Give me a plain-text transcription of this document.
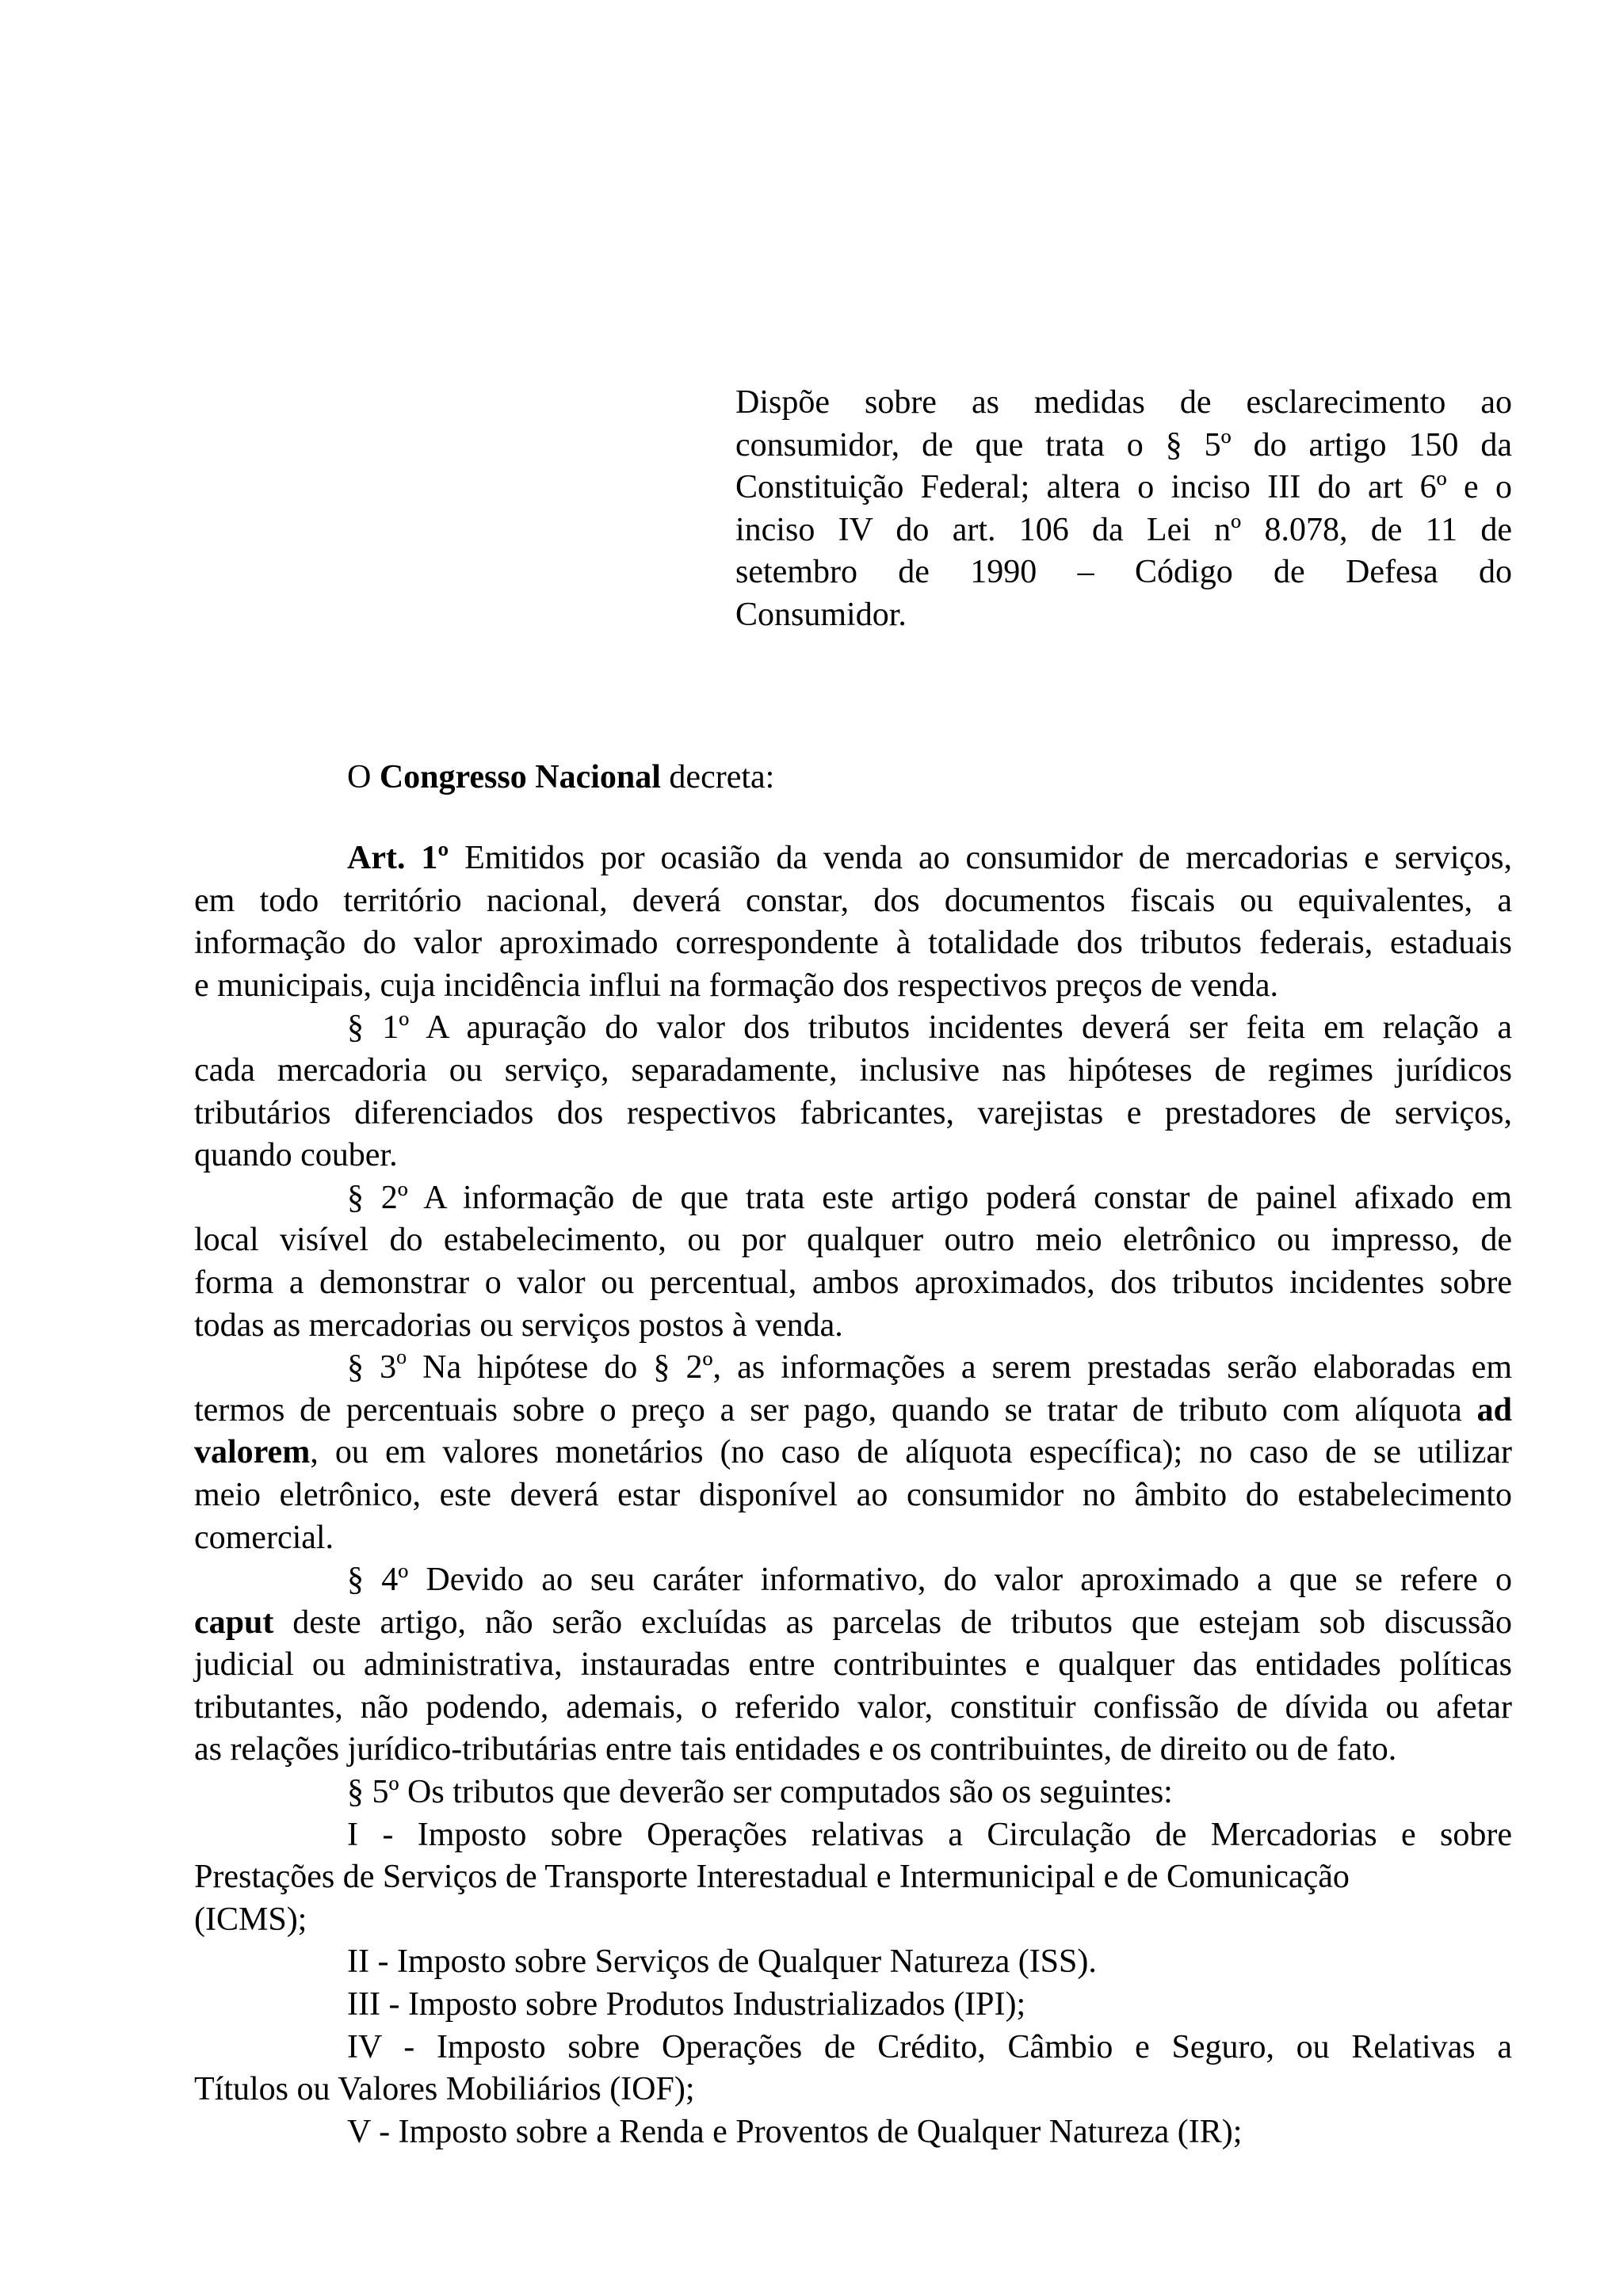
Dispõe sobre as medidas de esclarecimento ao
consumidor, de que trata o § 5º do artigo 150 da
Constituição Federal; altera o inciso III do art 6º e o
inciso IV do art. 106 da Lei nº 8.078, de 11 de
setembro de 1990 – Código de Defesa do
Consumidor.
O Congresso Nacional decreta:
Art. 1º Emitidos por ocasião da venda ao consumidor de mercadorias e serviços,
em todo território nacional, deverá constar, dos documentos fiscais ou equivalentes, a
informação do valor aproximado correspondente à totalidade dos tributos federais, estaduais
e municipais, cuja incidência influi na formação dos respectivos preços de venda.
§ 1º A apuração do valor dos tributos incidentes deverá ser feita em relação a
cada mercadoria ou serviço, separadamente, inclusive nas hipóteses de regimes jurídicos
tributários diferenciados dos respectivos fabricantes, varejistas e prestadores de serviços,
quando couber.
§ 2º A informação de que trata este artigo poderá constar de painel afixado em
local visível do estabelecimento, ou por qualquer outro meio eletrônico ou impresso, de
forma a demonstrar o valor ou percentual, ambos aproximados, dos tributos incidentes sobre
todas as mercadorias ou serviços postos à venda.
§ 3$^o$ Na hipótese do § 2º, as informações a serem prestadas serão elaboradas em
termos de percentuais sobre o preço a ser pago, quando se tratar de tributo com alíquota ad
valorem, ou em valores monetários (no caso de alíquota específica); no caso de se utilizar
meio eletrônico, este deverá estar disponível ao consumidor no âmbito do estabelecimento
comercial.
§ 4º Devido ao seu caráter informativo, do valor aproximado a que se refere o
caput deste artigo, não serão excluídas as parcelas de tributos que estejam sob discussão
judicial ou administrativa, instauradas entre contribuintes e qualquer das entidades políticas
tributantes, não podendo, ademais, o referido valor, constituir confissão de dívida ou afetar
as relações jurídico-tributárias entre tais entidades e os contribuintes, de direito ou de fato.
§ 5º Os tributos que deverão ser computados são os seguintes:
I - Imposto sobre Operações relativas a Circulação de Mercadorias e sobre
Prestações de Serviços de Transporte Interestadual e Intermunicipal e de Comunicação
(ICMS);
II - Imposto sobre Serviços de Qualquer Natureza (ISS).
III - Imposto sobre Produtos Industrializados (IPI);
IV - Imposto sobre Operações de Crédito, Câmbio e Seguro, ou Relativas a
Títulos ou Valores Mobiliários (IOF);
V - Imposto sobre a Renda e Proventos de Qualquer Natureza (IR);
